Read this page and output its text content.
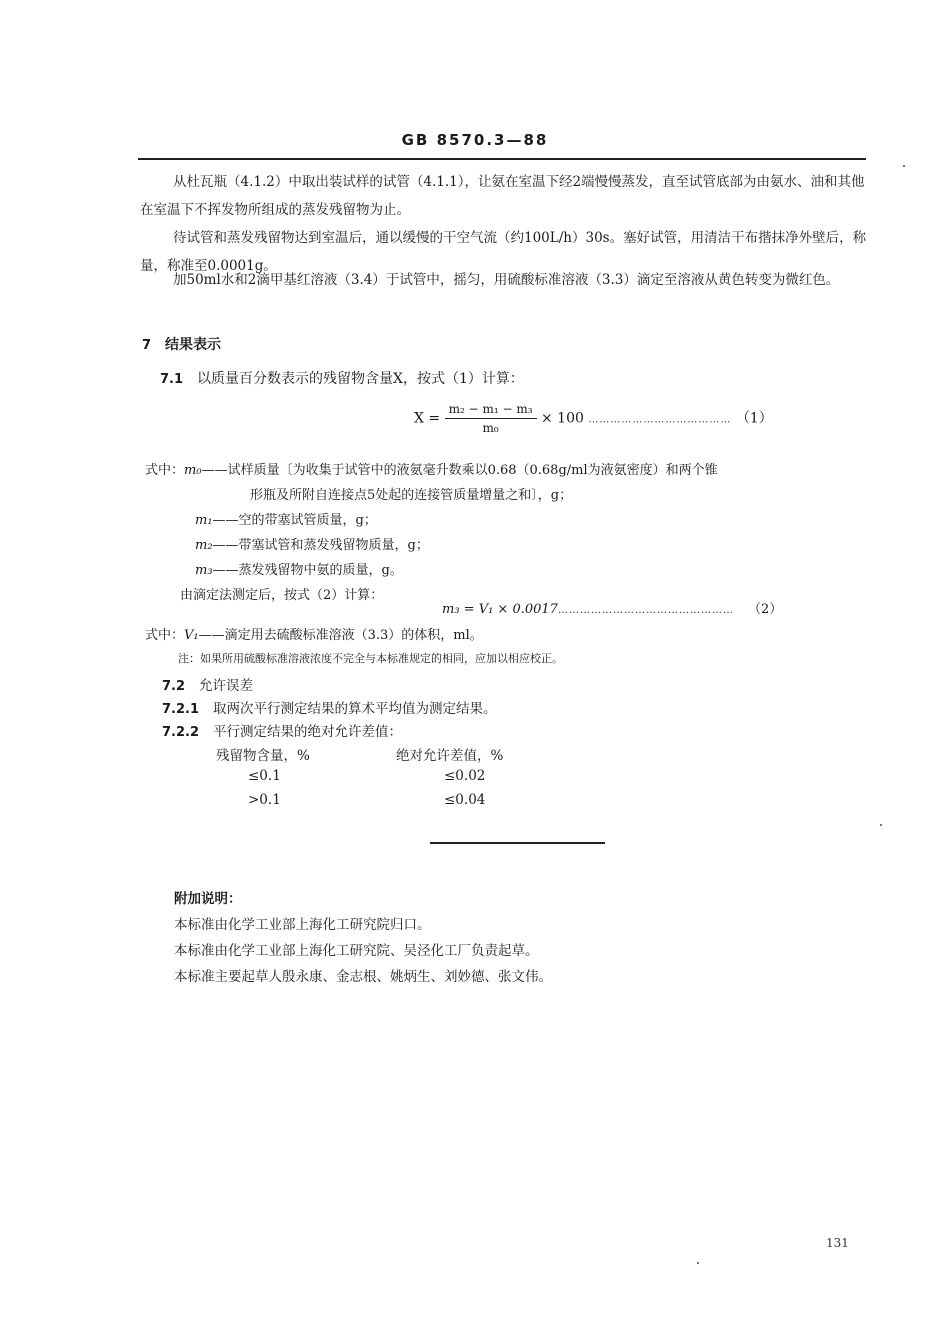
GB 8570.3—88
从杜瓦瓶（4.1.2）中取出装试样的试管（4.1.1），让氨在室温下经2端慢慢蒸发，直至试管底部为由氨水、油和其他在室温下不挥发物所组成的蒸发残留物为止。
待试管和蒸发残留物达到室温后，通以缓慢的干空气流（约100L/h）30s。塞好试管，用清洁干布揩抹净外壁后，称量，称准至0.0001g。
加50ml水和2滴甲基红溶液（3.4）于试管中，摇匀，用硫酸标准溶液（3.3）滴定至溶液从黄色转变为微红色。
7 结果表示
7.1 以质量百分数表示的残留物含量X，按式（1）计算：
$X = \frac{\text{m₂ − m₁ − m₃}}{\text{m₀}} \times 100$ ………………………………… （1）
式中：m₀——试样质量〔为收集于试管中的液氨毫升数乘以0.68（0.68g/ml为液氨密度）和两个锥
形瓶及所附自连接点5处起的连接管质量增量之和〕，g；
m₁——空的带塞试管质量，g；
m₂——带塞试管和蒸发残留物质量，g；
m₃——蒸发残留物中氨的质量，g。
由滴定法测定后，按式（2）计算：
m₃ = V₁ × 0.0017………………………………………… （2）
式中：V₁——滴定用去硫酸标准溶液（3.3）的体积，ml。
注：如果所用硫酸标准溶液浓度不完全与本标准规定的相同，应加以相应校正。
7.2 允许误差
7.2.1 取两次平行测定结果的算术平均值为测定结果。
7.2.2 平行测定结果的绝对允许差值：
残留物含量，%	绝对允许差值，%
≤0.1	≤0.02
>0.1	≤0.04
附加说明：
本标准由化学工业部上海化工研究院归口。
本标准由化学工业部上海化工研究院、吴泾化工厂负责起草。
本标准主要起草人殷永康、金志根、姚炳生、刘妙德、张文伟。
131
